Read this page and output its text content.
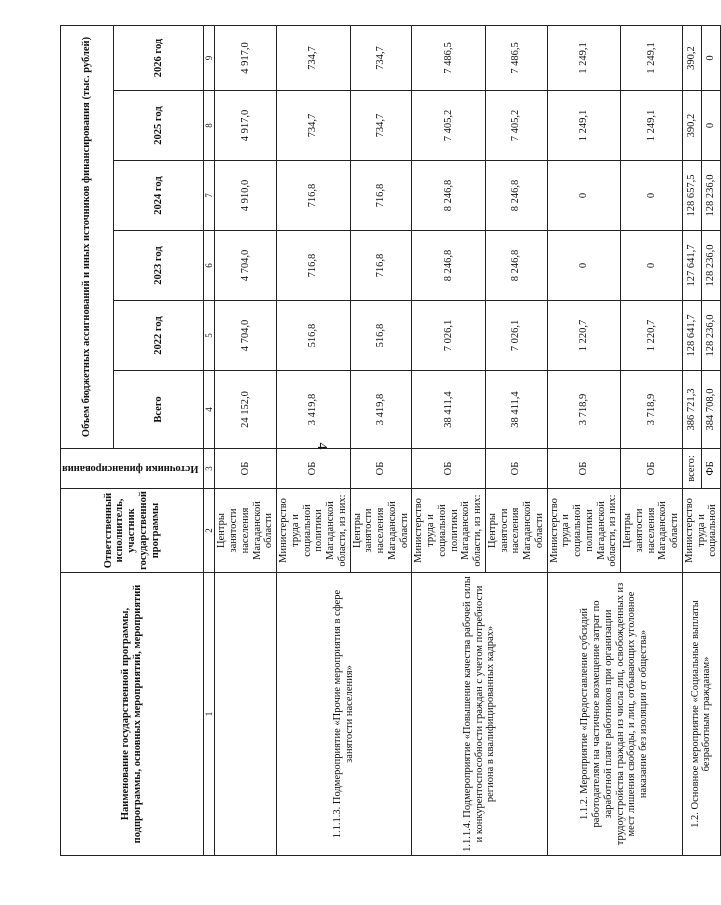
4
Наименование государственной программы, подпрограммы, основных мероприятий, мероприятий	Ответственный исполнитель, участник государственной программы	Источники финансирования	Объем бюджетных ассигнований и иных источников финансирования (тыс. рублей)					
			Всего	2022 год	2023 год	2024 год	2025 год	2026 год
1	2	3	4	5	6	7	8	9
	Центры занятости населения Магаданской области	ОБ	24 152,0	4 704,0	4 704,0	4 910,0	4 917,0	4 917,0
1.1.1.3. Подмероприятие «Прочие мероприятия в сфере занятости населения»	Министерство труда и социальной политики Магаданской области, из них:	ОБ	3 419,8	516,8	716,8	716,8	734,7	734,7
	Центры занятости населения Магаданской области	ОБ	3 419,8	516,8	716,8	716,8	734,7	734,7
1.1.1.4. Подмероприятие «Повышение качества рабочей силы и конкурентоспособности граждан с учетом потребности региона в квалифицированных кадрах»	Министерство труда и социальной политики Магаданской области, из них:	ОБ	38 411,4	7 026,1	8 246,8	8 246,8	7 405,2	7 486,5
	Центры занятости населения Магаданской области	ОБ	38 411,4	7 026,1	8 246,8	8 246,8	7 405,2	7 486,5
1.1.2. Мероприятие «Предоставление субсидий работодателям на частичное возмещение затрат по заработной плате работников при организации трудоустройства граждан из числа лиц, освобожденных из мест лишения свободы, и лиц, отбывающих уголовное наказание без изоляции от общества»	Министерство труда и социальной политики Магаданской области, из них:	ОБ	3 718,9	1 220,7	0	0	1 249,1	1 249,1
	Центры занятости населения Магаданской области	ОБ	3 718,9	1 220,7	0	0	1 249,1	1 249,1
1.2. Основное мероприятие «Социальные выплаты безработным гражданам»	Министерство труда и социальной	всего:	386 721,3	128 641,7	127 641,7	128 657,5	390,2	390,2
		ФБ	384 708,0	128 236,0	128 236,0	128 236,0	0	0
